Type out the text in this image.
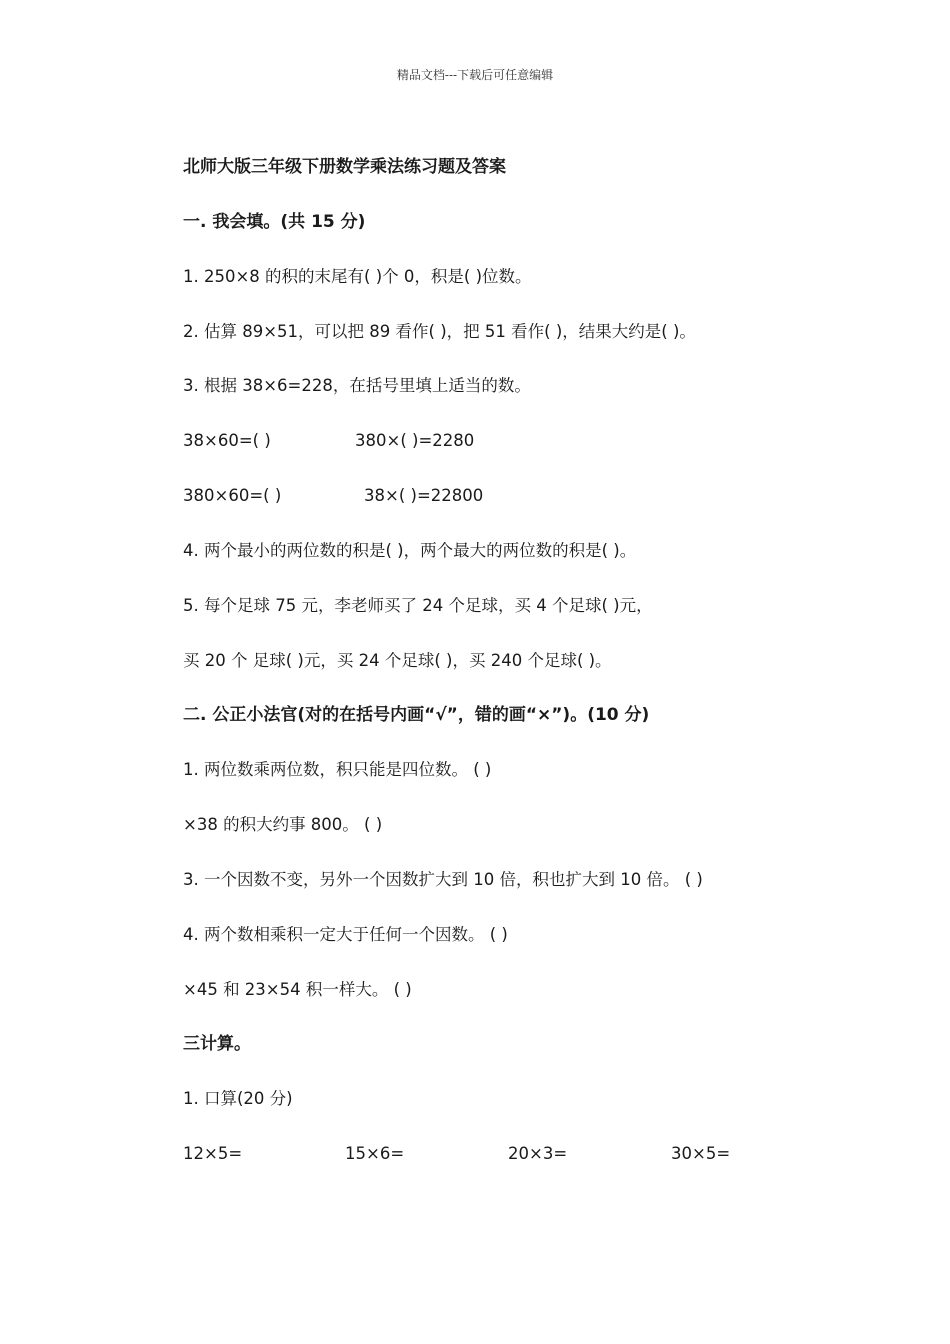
精品文档---下载后可任意编辑
北师大版三年级下册数学乘法练习题及答案
一. 我会填。(共 15 分)
1. 250×8 的积的末尾有( )个 0，积是( )位数。
2. 估算 89×51，可以把 89 看作( )，把 51 看作( )，结果大约是( )。
3. 根据 38×6=228，在括号里填上适当的数。
38×60=( )	380×( )=2280
380×60=( )	38×( )=22800
4. 两个最小的两位数的积是( )，两个最大的两位数的积是( )。
5. 每个足球 75 元，李老师买了 24 个足球，买 4 个足球( )元，
买 20 个 足球( )元，买 24 个足球( )，买 240 个足球( )。
二. 公正小法官(对的在括号内画“√”，错的画“×”)。(10 分)
1. 两位数乘两位数，积只能是四位数。 ( )
×38 的积大约事 800。 ( )
3. 一个因数不变，另外一个因数扩大到 10 倍，积也扩大到 10 倍。 ( )
4. 两个数相乘积一定大于任何一个因数。 ( )
×45 和 23×54 积一样大。 ( )
三计算。
1. 口算(20 分)
12×5=	15×6=	20×3=	30×5=
